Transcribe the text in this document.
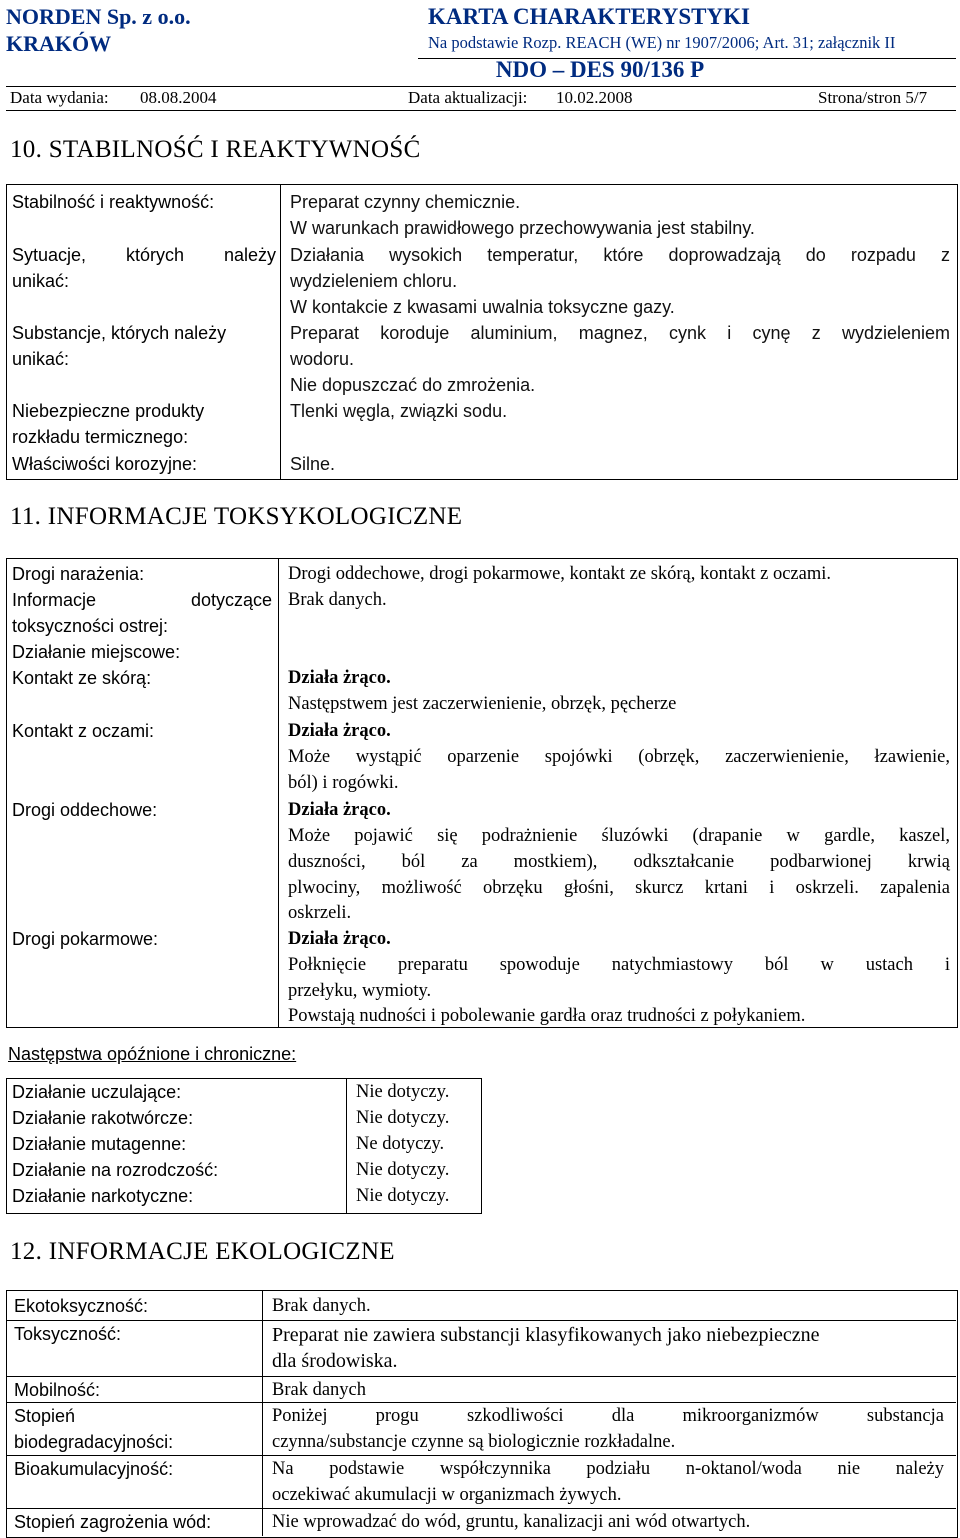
NORDEN Sp. z o.o.
KRAKÓW
KARTA CHARAKTERYSTYKI
Na podstawie Rozp. REACH (WE) nr 1907/2006; Art. 31; załącznik II
NDO – DES 90/136 P
Data wydania: 08.08.2004	Data aktualizacji: 10.02.2008	Strona/stron 5/7
10. STABILNOŚĆ I REAKTYWNOŚĆ
Stabilność i reaktywność:
Sytuacje, których należy
unikać:
Substancje, których należy
unikać:
Niebezpieczne produkty
rozkładu termicznego:
Właściwości korozyjne:
Preparat czynny chemicznie.
W warunkach prawidłowego przechowywania jest stabilny.
Działania wysokich temperatur, które doprowadzają do rozpadu z
wydzieleniem chloru.
W kontakcie z kwasami uwalnia toksyczne gazy.
Preparat koroduje aluminium, magnez, cynk i cynę z wydzieleniem
wodoru.
Nie dopuszczać do zmrożenia.
Tlenki węgla, związki sodu.
Silne.
11. INFORMACJE TOKSYKOLOGICZNE
Drogi narażenia:
Informacje dotyczące
toksyczności ostrej:
Działanie miejscowe:
Kontakt ze skórą:
Kontakt z oczami:
Drogi oddechowe:
Drogi pokarmowe:
Drogi oddechowe, drogi pokarmowe, kontakt ze skórą, kontakt z oczami.
Brak danych.
Działa żrąco.
Następstwem jest zaczerwienienie, obrzęk, pęcherze
Działa żrąco.
Może wystąpić oparzenie spojówki (obrzęk, zaczerwienienie, łzawienie,
ból) i rogówki.
Działa żrąco.
Może pojawić się podrażnienie śluzówki (drapanie w gardle, kaszel,
duszności, ból za mostkiem), odkształcanie podbarwionej krwią
plwociny, możliwość obrzęku głośni, skurcz krtani i oskrzeli. zapalenia
oskrzeli.
Działa żrąco.
Połknięcie preparatu spowoduje natychmiastowy ból w ustach i
przełyku, wymioty.
Powstają nudności i pobolewanie gardła oraz trudności z połykaniem.
Następstwa opóźnione i chroniczne:
Działanie uczulające:
Działanie rakotwórcze:
Działanie mutagenne:
Działanie na rozrodczość:
Działanie narkotyczne:
Nie dotyczy.
Nie dotyczy.
Ne dotyczy.
Nie dotyczy.
Nie dotyczy.
12. INFORMACJE EKOLOGICZNE
Ekotoksyczność:
Toksyczność:
Mobilność:
Stopień
biodegradacyjności:
Bioakumulacyjność:
Stopień zagrożenia wód:
Brak danych.
Preparat nie zawiera substancji klasyfikowanych jako niebezpieczne
dla środowiska.
Brak danych
Poniżej progu szkodliwości dla mikroorganizmów substancja
czynna/substancje czynne są biologicznie rozkładalne.
Na podstawie współczynnika podziału n-oktanol/woda nie należy
oczekiwać akumulacji w organizmach żywych.
Nie wprowadzać do wód, gruntu, kanalizacji ani wód otwartych.
